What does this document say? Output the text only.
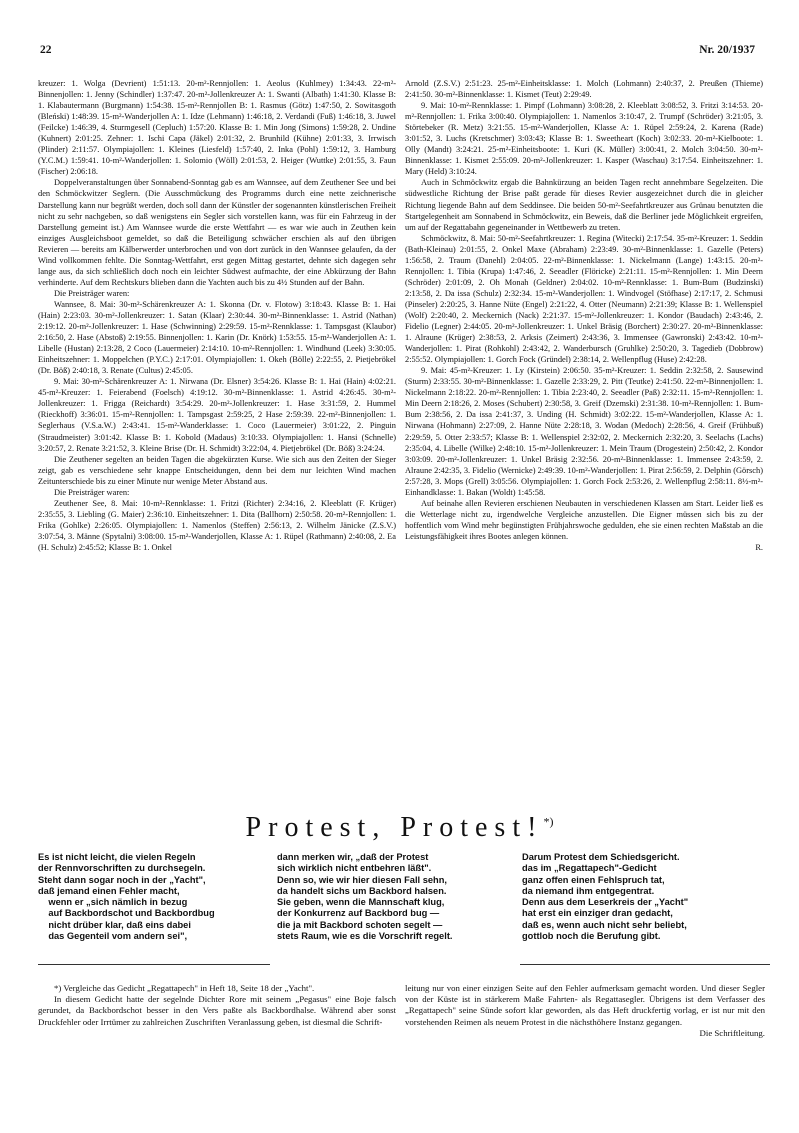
22	Nr. 20/1937

kreuzer: 1. Wolga (Devrient) 1:51:13. 20-m²-Rennjollen: 1. Aeolus (Kuhlmey) 1:34:43. 22-m²-Binnenjollen: 1. Jenny (Schindler) 1:37:47. 20-m²-Jollenkreuzer A: 1. Swanti (Albath) 1:41:30. Klasse B: 1. Klabautermann (Burgmann) 1:54:38. 15-m²-Rennjollen B: 1. Rasmus (Götz) 1:47:50, 2. Sowitasgoth (Bleński) 1:48:39. 15-m²-Wanderjollen A: 1. Idze (Lehmann) 1:46:18, 2. Verdandi (Fuß) 1:46:18, 3. Juwel (Feilcke) 1:46:39, 4. Sturmgesell (Cepluch) 1:57:20. Klasse B: 1. Min Jong (Simons) 1:59:28, 2. Undine (Kuhnert) 2:01:25. Zehner: 1. Ischi Capa (Jäkel) 2:01:32, 2. Brunhild (Kühne) 2:01:33, 3. Irrwisch (Plinder) 2:11:57. Olympiajollen: 1. Kleines (Liesfeld) 1:57:40, 2. Inka (Pohl) 1:59:12, 3. Hamburg (Y.C.M.) 1:59:41. 10-m²-Wanderjollen: 1. Solomio (Wöll) 2:01:53, 2. Heiger (Wuttke) 2:01:55, 3. Faun (Fischer) 2:06:18.

Doppelveranstaltungen über Sonnabend-Sonntag gab es am Wannsee, auf dem Zeuthener See und bei den Schmöckwitzer Seglern. (Die Ausschmückung des Programms durch eine nette zeichnerische Darstellung kann nur begrüßt werden, doch soll dann der Künstler der sogenannten künstlerischen Freiheit nicht zu sehr nachgeben, so daß wenigstens ein Segler sich vorstellen kann, was für ein Fahrzeug in der Darstellung gemeint ist.) Am Wannsee wurde die erste Wettfahrt — es war wie auch in Zeuthen kein einziges Ausgleichsboot gemeldet, so daß die Beteiligung schwächer erschien als auf den übrigen Revieren — bereits am Kälberwerder unterbrochen und von dort zurück in den Wannsee gelaufen, da der Wind vollkommen fehlte. Die Sonntag-Wettfahrt, erst gegen Mittag gestartet, dehnte sich dagegen sehr lange aus, da sich schließlich doch noch ein leichter Südwest aufmachte, der eine Abkürzung der Bahn verhinderte. Auf dem Rechtskurs blieben dann die Yachten auch bis zu 4½ Stunden auf der Bahn.

Die Preisträger waren:

Wannsee, 8. Mai: 30-m²-Schärenkreuzer A: 1. Skonna (Dr. v. Flotow) 3:18:43. Klasse B: 1. Hai (Hain) 2:23:03. 30-m²-Jollenkreuzer: 1. Satan (Klaar) 2:30:44. 30-m²-Binnenklasse: 1. Astrid (Nathan) 2:19:12. 20-m²-Jollenkreuzer: 1. Hase (Schwinning) 2:29:59. 15-m²-Rennklasse: 1. Tampsgast (Klaubor) 2:16:50, 2. Hase (Abstoß) 2:19:55. Binnenjollen: 1. Karin (Dr. Knörk) 1:53:55. 15-m²-Wanderjollen A: 1. Libelle (Hustan) 2:13:28, 2 Coco (Lauermeier) 2:14:10. 10-m²-Rennjollen: 1. Windhund (Leek) 3:30:05. Einheitszehner: 1. Moppelchen (P.Y.C.) 2:17:01. Olympiajollen: 1. Okeh (Bölle) 2:22:55, 2. Pietjebrökel (Dr. Böß) 2:40:18, 3. Renate (Cultus) 2:45:05.

9. Mai: 30-m²-Schärenkreuzer A: 1. Nirwana (Dr. Elsner) 3:54:26. Klasse B: 1. Hai (Hain) 4:02:21. 45-m²-Kreuzer: 1. Feierabend (Foelsch) 4:19:12. 30-m²-Binnenklasse: 1. Astrid 4:26:45. 30-m²-Jollenkreuzer: 1. Frigga (Reichardt) 3:54:29. 20-m²-Jollenkreuzer: 1. Hase 3:31:59, 2. Hummel (Rieckhoff) 3:36:01. 15-m²-Rennjollen: 1. Tampsgast 2:59:25, 2 Hase 2:59:39. 22-m²-Binnenjollen: 1. Seglerhaus (V.S.a.W.) 2:43:41. 15-m²-Wanderklasse: 1. Coco (Lauermeier) 3:01:22, 2. Pinguin (Straudmeister) 3:01:42. Klasse B: 1. Kobold (Madaus) 3:10:33. Olympiajollen: 1. Hansi (Schnelle) 3:20:57, 2. Renate 3:21:52, 3. Kleine Brise (Dr. H. Schmidt) 3:22:04, 4. Pietjebrökel (Dr. Böß) 3:24:24.

Die Zeuthener segelten an beiden Tagen die abgekürzten Kurse. Wie sich aus den Zeiten der Sieger zeigt, gab es verschiedene sehr knappe Entscheidungen, denn bei dem nur leichten Wind machen Zeitunterschiede bis zu einer Minute nur wenige Meter Abstand aus.

Die Preisträger waren:

Zeuthener See, 8. Mai: 10-m²-Rennklasse: 1. Fritzi (Richter) 2:34:16, 2. Kleeblatt (F. Krüger) 2:35:55, 3. Liebling (G. Maier) 2:36:10. Einheitszehner: 1. Dita (Ballhorn) 2:50:58. 20-m²-Rennjollen: 1. Frika (Gohlke) 2:26:05. Olympiajollen: 1. Namenlos (Steffen) 2:56:13, 2. Wilhelm Jänicke (Z.S.V.) 3:07:54, 3. Männe (Spytalni) 3:08:00. 15-m²-Wanderjollen, Klasse A: 1. Rüpel (Rathmann) 2:40:08, 2. Ea (H. Schulz) 2:45:52; Klasse B: 1. Onkel

Arnold (Z.S.V.) 2:51:23. 25-m²-Einheitsklasse: 1. Molch (Lohmann) 2:40:37, 2. Preußen (Thieme) 2:41:50. 30-m²-Binnenklasse: 1. Kismet (Teut) 2:29:49.

9. Mai: 10-m²-Rennklasse: 1. Pimpf (Lohmann) 3:08:28, 2. Kleeblatt 3:08:52, 3. Fritzi 3:14:53. 20-m²-Rennjollen: 1. Frika 3:00:40. Olympiajollen: 1. Namenlos 3:10:47, 2. Trumpf (Schröder) 3:21:05, 3. Störtebeker (R. Metz) 3:21:55. 15-m²-Wanderjollen, Klasse A: 1. Rüpel 2:59:24, 2. Karena (Rade) 3:01:52, 3. Luchs (Kretschmer) 3:03:43; Klasse B: 1. Sweetheart (Koch) 3:02:33. 20-m²-Kielboote: 1. Olly (Mandt) 3:24:21. 25-m²-Einheitsboote: 1. Kuri (K. Müller) 3:00:41, 2. Molch 3:04:50. 30-m²-Binnenklasse: 1. Kismet 2:55:09. 20-m²-Jollenkreuzer: 1. Kasper (Waschau) 3:17:54. Einheitszehner: 1. Mary (Held) 3:10:24.

Auch in Schmöckwitz ergab die Bahnkürzung an beiden Tagen recht annehmbare Segelzeiten. Die südwestliche Richtung der Brise paßt gerade für dieses Revier ausgezeichnet durch die in gleicher Richtung liegende Bahn auf dem Seddinsee. Die beiden 50-m²-Seefahrtkreuzer aus Grünau benutzten die Startgelegenheit am Sonnabend in Schmöckwitz, ein Beweis, daß die Berliner jede Möglichkeit ergreifen, um auf der Regattabahn gegeneinander in Wettbewerb zu treten.

Schmöckwitz, 8. Mai: 50-m²-Seefahrtkreuzer: 1. Regina (Witecki) 2:17:54. 35-m²-Kreuzer: 1. Seddin (Bath-Kleinau) 2:01:55, 2. Onkel Maxe (Abraham) 2:23:49. 30-m²-Binnenklasse: 1. Gazelle (Peters) 1:56:58, 2. Traum (Danehl) 2:04:05. 22-m²-Binnenklasse: 1. Nickelmann (Lange) 1:43:15. 20-m²-Rennjollen: 1. Tibia (Krupa) 1:47:46, 2. Seeadler (Flöricke) 2:21:11. 15-m²-Rennjollen: 1. Min Deern (Schröder) 2:01:09, 2. Oh Monah (Geldner) 2:04:02. 10-m²-Rennklasse: 1. Bum-Bum (Budzinski) 2:13:58, 2. Da issa (Schulz) 2:32:34. 15-m²-Wanderjollen: 1. Windvogel (Stöfhase) 2:17:17, 2. Schmusi (Pinseler) 2:20:25, 3. Hanne Nüte (Engel) 2:21:22, 4. Otter (Neumann) 2:21:39; Klasse B: 1. Wellenspiel (Wolf) 2:20:40, 2. Meckernich (Nack) 2:21:37. 15-m²-Jollenkreuzer: 1. Kondor (Baudach) 2:43:46, 2. Fidelio (Legner) 2:44:05. 20-m²-Jollenkreuzer: 1. Unkel Bräsig (Borchert) 2:30:27. 20-m²-Binnenklasse: 1. Alraune (Krüger) 2:38:53, 2. Arksis (Zeimert) 2:43:36, 3. Immensee (Gawronski) 2:43:42. 10-m²-Wanderjollen: 1. Pirat (Rohkohl) 2:43:42, 2. Wanderbursch (Gruhlke) 2:50:20, 3. Tagedieb (Dobbrow) 2:55:52. Olympiajollen: 1. Gorch Fock (Gründel) 2:38:14, 2. Wellenpflug (Huse) 2:42:28.

9. Mai: 45-m²-Kreuzer: 1. Ly (Kirstein) 2:06:50. 35-m²-Kreuzer: 1. Seddin 2:32:58, 2. Sausewind (Sturm) 2:33:55. 30-m²-Binnenklasse: 1. Gazelle 2:33:29, 2. Pitt (Teutke) 2:41:50. 22-m²-Binnenjollen: 1. Nickelmann 2:18:22. 20-m²-Rennjollen: 1. Tibia 2:23:40, 2. Seeadler (Paß) 2:32:11. 15-m²-Rennjollen: 1. Min Deern 2:18:26, 2. Moses (Schubert) 2:30:58, 3. Greif (Dzemski) 2:31:38. 10-m²-Rennjollen: 1. Bum-Bum 2:38:56, 2. Da issa 2:41:37, 3. Unding (H. Schmidt) 3:02:22. 15-m²-Wanderjollen, Klasse A: 1. Nirwana (Hohmann) 2:27:09, 2. Hanne Nüte 2:28:18, 3. Wodan (Medoch) 2:28:56, 4. Greif (Frühbuß) 2:29:59, 5. Otter 2:33:57; Klasse B: 1. Wellenspiel 2:32:02, 2. Meckernich 2:32:20, 3. Seelachs (Lachs) 2:35:04, 4. Libelle (Wilke) 2:48:10. 15-m²-Jollenkreuzer: 1. Mein Traum (Drogestein) 2:50:42, 2. Kondor 3:03:09. 20-m²-Jollenkreuzer: 1. Unkel Bräsig 2:32:56. 20-m²-Binnenklasse: 1. Immensee 2:43:59, 2. Alraune 2:42:35, 3. Fidelio (Wernicke) 2:49:39. 10-m²-Wanderjollen: 1. Pirat 2:56:59, 2. Delphin (Görsch) 2:57:28, 3. Mops (Grell) 3:05:56. Olympiajollen: 1. Gorch Fock 2:53:26, 2. Wellenpflug 2:58:11. 8½-m²-Einhandklasse: 1. Bakan (Woldt) 1:45:58.

Auf beinahe allen Revieren erschienen Neubauten in verschiedenen Klassen am Start. Leider ließ es die Wetterlage nicht zu, irgendwelche Vergleiche anzustellen. Die Eigner müssen sich bis zu der hoffentlich vom Wind mehr begünstigten Frühjahrswoche gedulden, ehe sie einen rechten Maßstab an die Leistungsfähigkeit ihres Bootes anlegen können.

R.

Protest, Protest!*)
Es ist nicht leicht, die vielen Regeln
der Rennvorschriften zu durchsegeln.
Steht dann sogar noch in der „Yacht",
daß jemand einen Fehler macht,
wenn er „sich nämlich in bezug
auf Backbordschot und Backbordbug
nicht drüber klar, daß eins dabei
das Gegenteil vom andern sei",
dann merken wir, „daß der Protest
sich wirklich nicht entbehren läßt".
Denn so, wie wir hier diesen Fall sehn,
da handelt sichs um Backbord halsen.
Sie geben, wenn die Mannschaft klug,
der Konkurrenz auf Backbord bug —
die ja mit Backbord schoten segelt —
stets Raum, wie es die Vorschrift regelt.
Darum Protest dem Schiedsgericht.
das im „Regattapech"-Gedicht
ganz offen einen Fehlspruch tat,
da niemand ihm entgegentrat.
Denn aus dem Leserkreis der „Yacht"
hat erst ein einziger dran gedacht,
daß es, wenn auch nicht sehr beliebt,
gottlob noch die Berufung gibt.

*) Vergleiche das Gedicht „Regattapech" in Heft 18, Seite 18 der „Yacht".

In diesem Gedicht hatte der segelnde Dichter Rore mit seinem „Pegasus" eine Boje falsch gerundet, da Backbordschot besser in den Vers paßte als Backbordhalse. Während aber sonst Druckfehler oder Irrtümer zu zahlreichen Zuschriften Veranlassung geben, ist diesmal die Schrift-

leitung nur von einer einzigen Seite auf den Fehler aufmerksam gemacht worden. Und dieser Segler von der Küste ist in stärkerem Maße Fahrten- als Regattasegler. Übrigens ist dem Verfasser des „Regattapech" seine Sünde sofort klar geworden, als das Heft druckfertig vorlag, er ist nur mit den vorstehenden Reimen als neuem Protest in die nächsthöhere Instanz gegangen.

Die Schriftleitung.
